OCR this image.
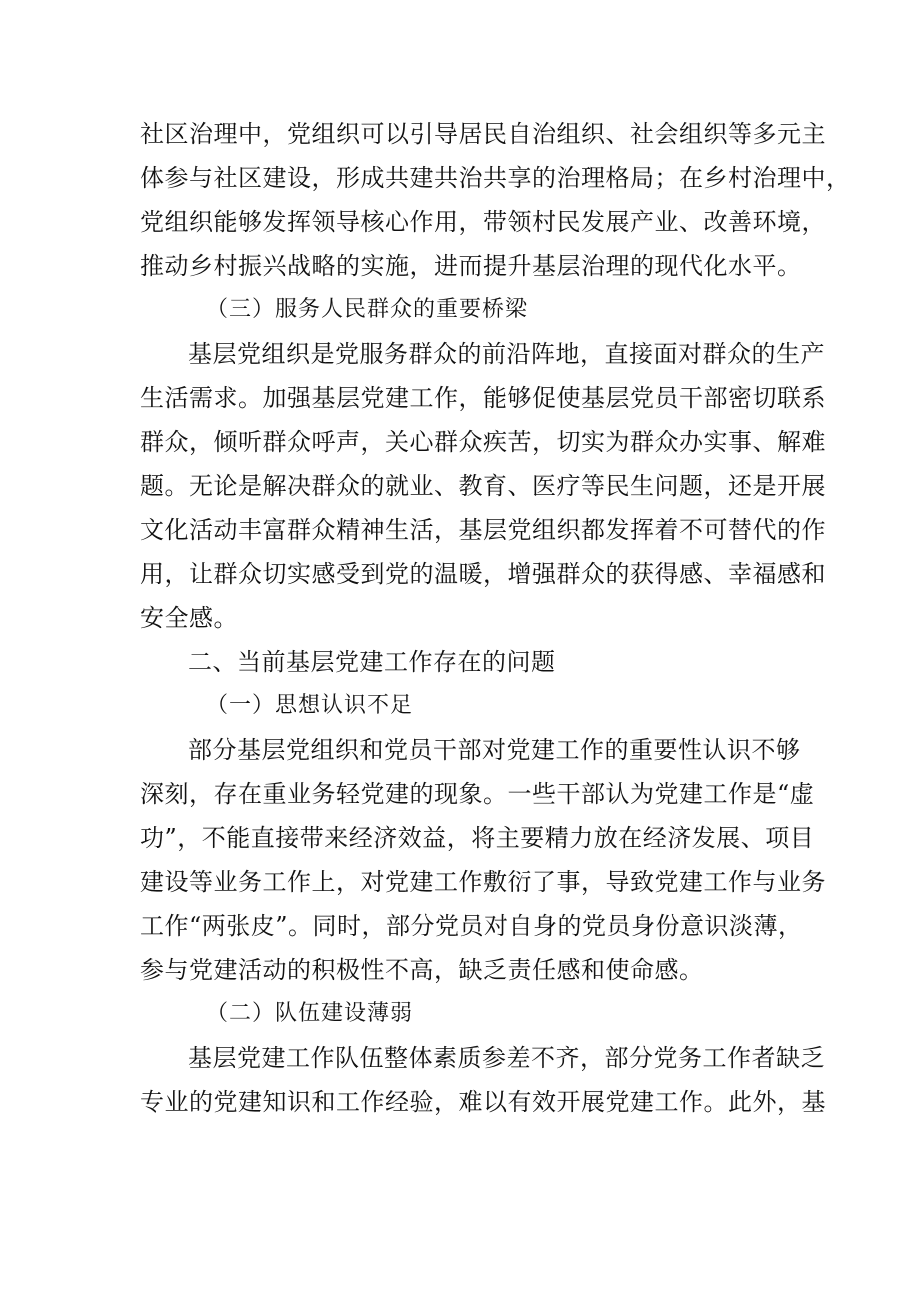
社区治理中，党组织可以引导居民自治组织、社会组织等多元主
体参与社区建设，形成共建共治共享的治理格局；在乡村治理中，
党组织能够发挥领导核心作用，带领村民发展产业、改善环境，
推动乡村振兴战略的实施，进而提升基层治理的现代化水平。
（三）服务人民群众的重要桥梁
基层党组织是党服务群众的前沿阵地，直接面对群众的生产
生活需求。加强基层党建工作，能够促使基层党员干部密切联系
群众，倾听群众呼声，关心群众疾苦，切实为群众办实事、解难
题。无论是解决群众的就业、教育、医疗等民生问题，还是开展
文化活动丰富群众精神生活，基层党组织都发挥着不可替代的作
用，让群众切实感受到党的温暖，增强群众的获得感、幸福感和
安全感。
二、当前基层党建工作存在的问题
（一）思想认识不足
部分基层党组织和党员干部对党建工作的重要性认识不够
深刻，存在重业务轻党建的现象。一些干部认为党建工作是“虚
功”，不能直接带来经济效益，将主要精力放在经济发展、项目
建设等业务工作上，对党建工作敷衍了事，导致党建工作与业务
工作“两张皮”。同时，部分党员对自身的党员身份意识淡薄，
参与党建活动的积极性不高，缺乏责任感和使命感。
（二）队伍建设薄弱
基层党建工作队伍整体素质参差不齐，部分党务工作者缺乏
专业的党建知识和工作经验，难以有效开展党建工作。此外，基
